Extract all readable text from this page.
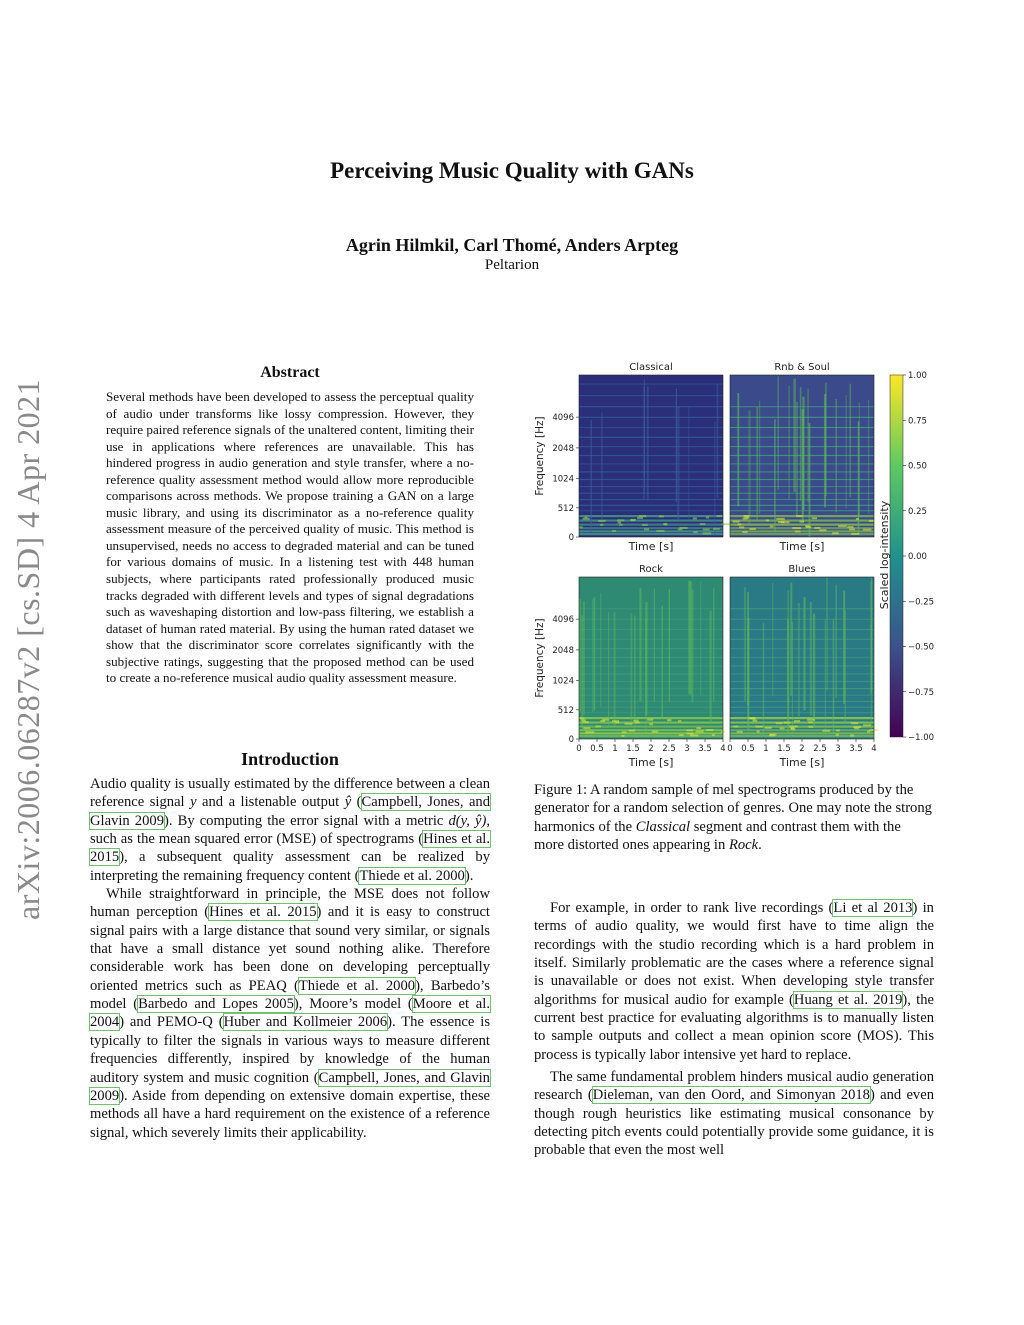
Perceiving Music Quality with GANs
Agrin Hilmkil, Carl Thomé, Anders Arpteg
Peltarion
arXiv:2006.06287v2 [cs.SD] 4 Apr 2021
Abstract
Several methods have been developed to assess the perceptual quality of audio under transforms like lossy compression. However, they require paired reference signals of the unaltered content, limiting their use in applications where references are unavailable. This has hindered progress in audio generation and style transfer, where a no-reference quality assessment method would allow more reproducible comparisons across methods. We propose training a GAN on a large music library, and using its discriminator as a no-reference quality assessment measure of the perceived quality of music. This method is unsupervised, needs no access to degraded material and can be tuned for various domains of music. In a listening test with 448 human subjects, where participants rated professionally produced music tracks degraded with different levels and types of signal degradations such as waveshaping distortion and low-pass filtering, we establish a dataset of human rated material. By using the human rated dataset we show that the discriminator score correlates significantly with the subjective ratings, suggesting that the proposed method can be used to create a no-reference musical audio quality assessment measure.
Introduction

Audio quality is usually estimated by the difference between a clean reference signal y and a listenable output ŷ (Campbell, Jones, and Glavin 2009). By computing the error signal with a metric d(y, ŷ), such as the mean squared error (MSE) of spectrograms (Hines et al. 2015), a subsequent quality assessment can be realized by interpreting the remaining frequency content (Thiede et al. 2000).

While straightforward in principle, the MSE does not follow human perception (Hines et al. 2015) and it is easy to construct signal pairs with a large distance that sound very similar, or signals that have a small distance yet sound nothing alike. Therefore considerable work has been done on developing perceptually oriented metrics such as PEAQ (Thiede et al. 2000), Barbedo’s model (Barbedo and Lopes 2005), Moore’s model (Moore et al. 2004) and PEMO-Q (Huber and Kollmeier 2006). The essence is typically to filter the signals in various ways to measure different frequencies differently, inspired by knowledge of the human auditory system and music cognition (Campbell, Jones, and Glavin 2009). Aside from depending on extensive domain expertise, these methods all have a hard requirement on the existence of a reference signal, which severely limits their applicability.

Classical
Time [s]
0
512
1024
2048
4096
Frequency [Hz]
Rnb & Soul
Time [s]
Rock
Time [s]
0
512
1024
2048
4096
Frequency [Hz]
0 0.5 1 1.5 2 2.5 3 3.5 4
Blues
Time [s]
0 0.5 1 1.5 2 2.5 3 3.5 4
1.00
0.75
0.50
0.25
0.00
−0.25
−0.50
−0.75
−1.00
Scaled log-intensity
Figure 1: A random sample of mel spectrograms produced by the generator for a random selection of genres. One may note the strong harmonics of the Classical segment and contrast them with the more distorted ones appearing in Rock.

For example, in order to rank live recordings (Li et al 2013) in terms of audio quality, we would first have to time align the recordings with the studio recording which is a hard problem in itself. Similarly problematic are the cases where a reference signal is unavailable or does not exist. When developing style transfer algorithms for musical audio for example (Huang et al. 2019), the current best practice for evaluating algorithms is to manually listen to sample outputs and collect a mean opinion score (MOS). This process is typically labor intensive yet hard to replace.

The same fundamental problem hinders musical audio generation research (Dieleman, van den Oord, and Simonyan 2018) and even though rough heuristics like estimating musical consonance by detecting pitch events could potentially provide some guidance, it is probable that even the most well
